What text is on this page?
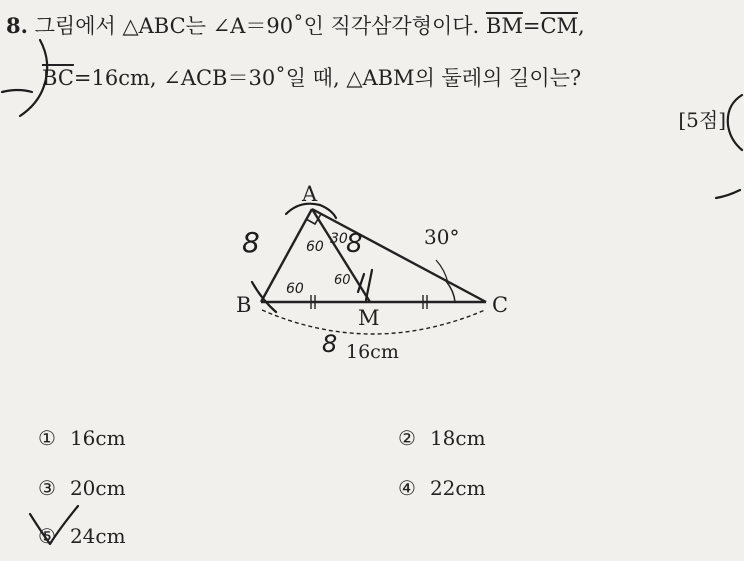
8. 그림에서 △ABC는 ∠A＝90˚인 직각삼각형이다. $\overline{BM}=\overline{CM}$,
$\overline{BC}=16cm$, ∠ACB＝30˚일 때, △ABM의 둘레의 길이는?
[5점]
A
B	C
M
30°
16cm
8	60 30
8
60
60
8
① 16cm	② 18cm
③ 20cm	④ 22cm
⑤ 24cm
